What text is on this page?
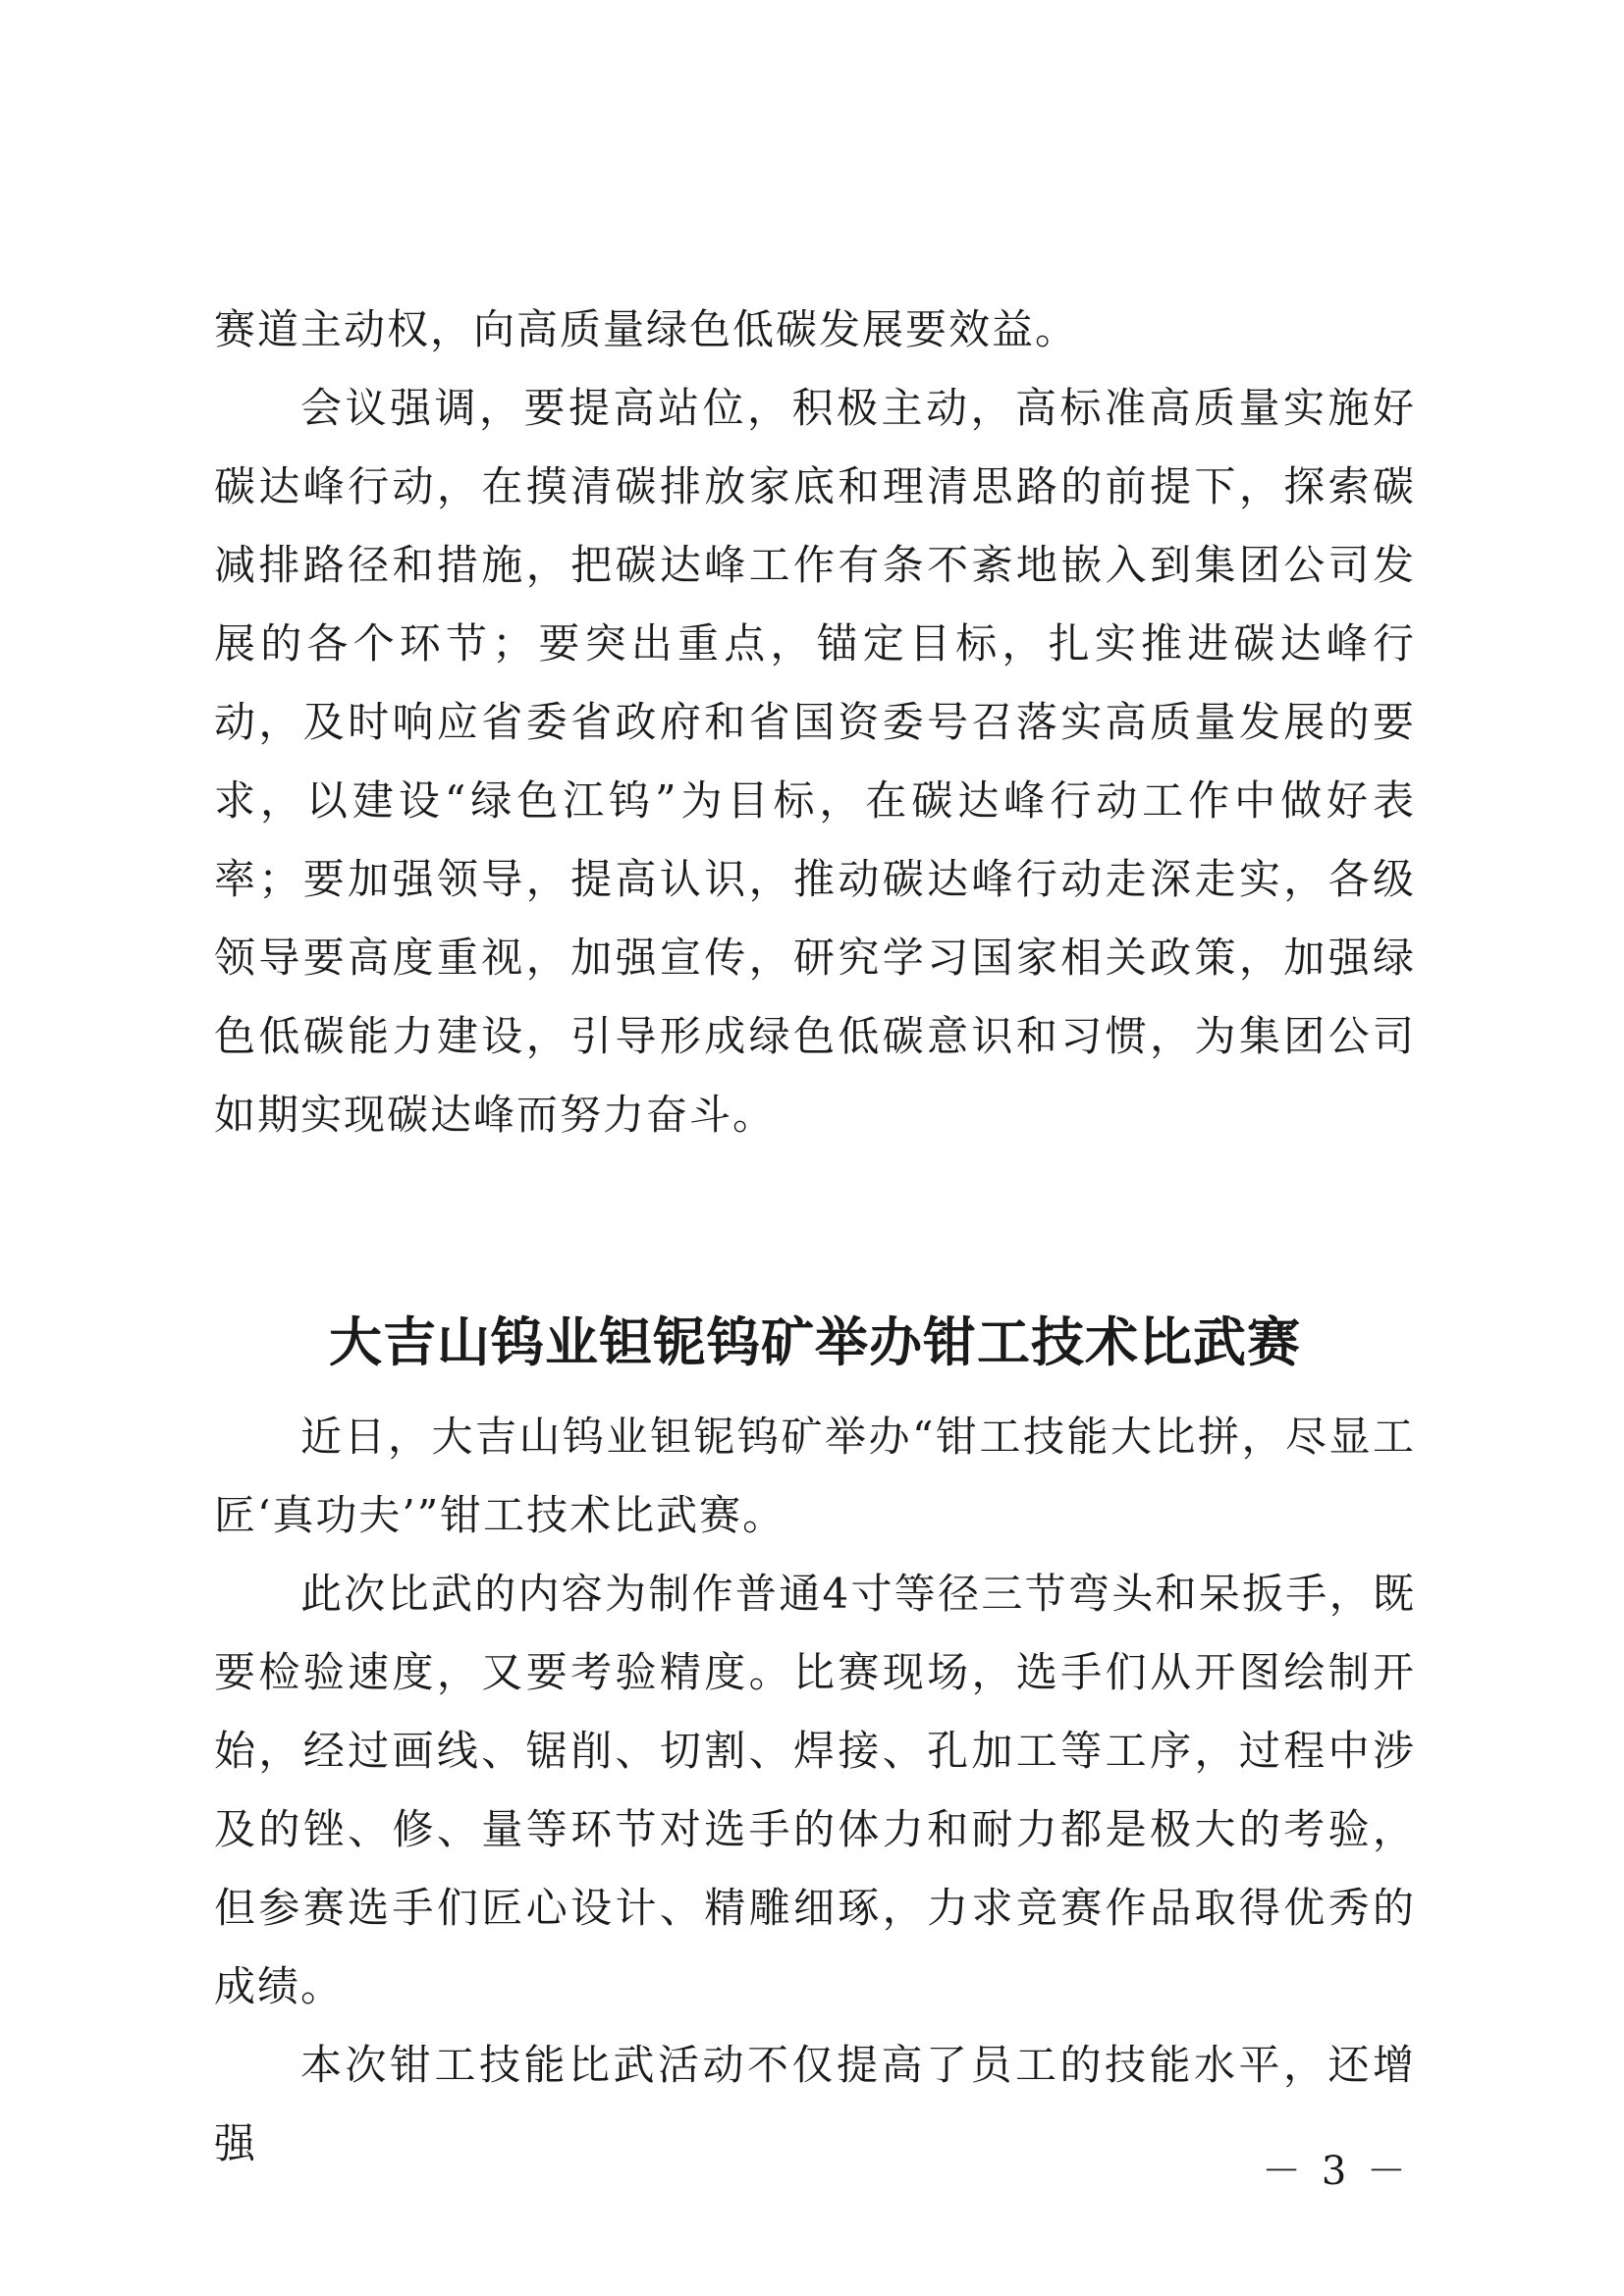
赛道主动权，向高质量绿色低碳发展要效益。

会议强调，要提高站位，积极主动，高标准高质量实施好碳达峰行动，在摸清碳排放家底和理清思路的前提下，探索碳减排路径和措施，把碳达峰工作有条不紊地嵌入到集团公司发展的各个环节；要突出重点，锚定目标，扎实推进碳达峰行动，及时响应省委省政府和省国资委号召落实高质量发展的要求，以建设“绿色江钨”为目标，在碳达峰行动工作中做好表率；要加强领导，提高认识，推动碳达峰行动走深走实，各级领导要高度重视，加强宣传，研究学习国家相关政策，加强绿色低碳能力建设，引导形成绿色低碳意识和习惯，为集团公司如期实现碳达峰而努力奋斗。

大吉山钨业钽铌钨矿举办钳工技术比武赛

近日，大吉山钨业钽铌钨矿举办“钳工技能大比拼，尽显工匠‘真功夫’”钳工技术比武赛。

此次比武的内容为制作普通4寸等径三节弯头和呆扳手，既要检验速度，又要考验精度。比赛现场，选手们从开图绘制开始，经过画线、锯削、切割、焊接、孔加工等工序，过程中涉及的锉、修、量等环节对选手的体力和耐力都是极大的考验，但参赛选手们匠心设计、精雕细琢，力求竞赛作品取得优秀的成绩。

本次钳工技能比武活动不仅提高了员工的技能水平，还增强

－ 3 －
